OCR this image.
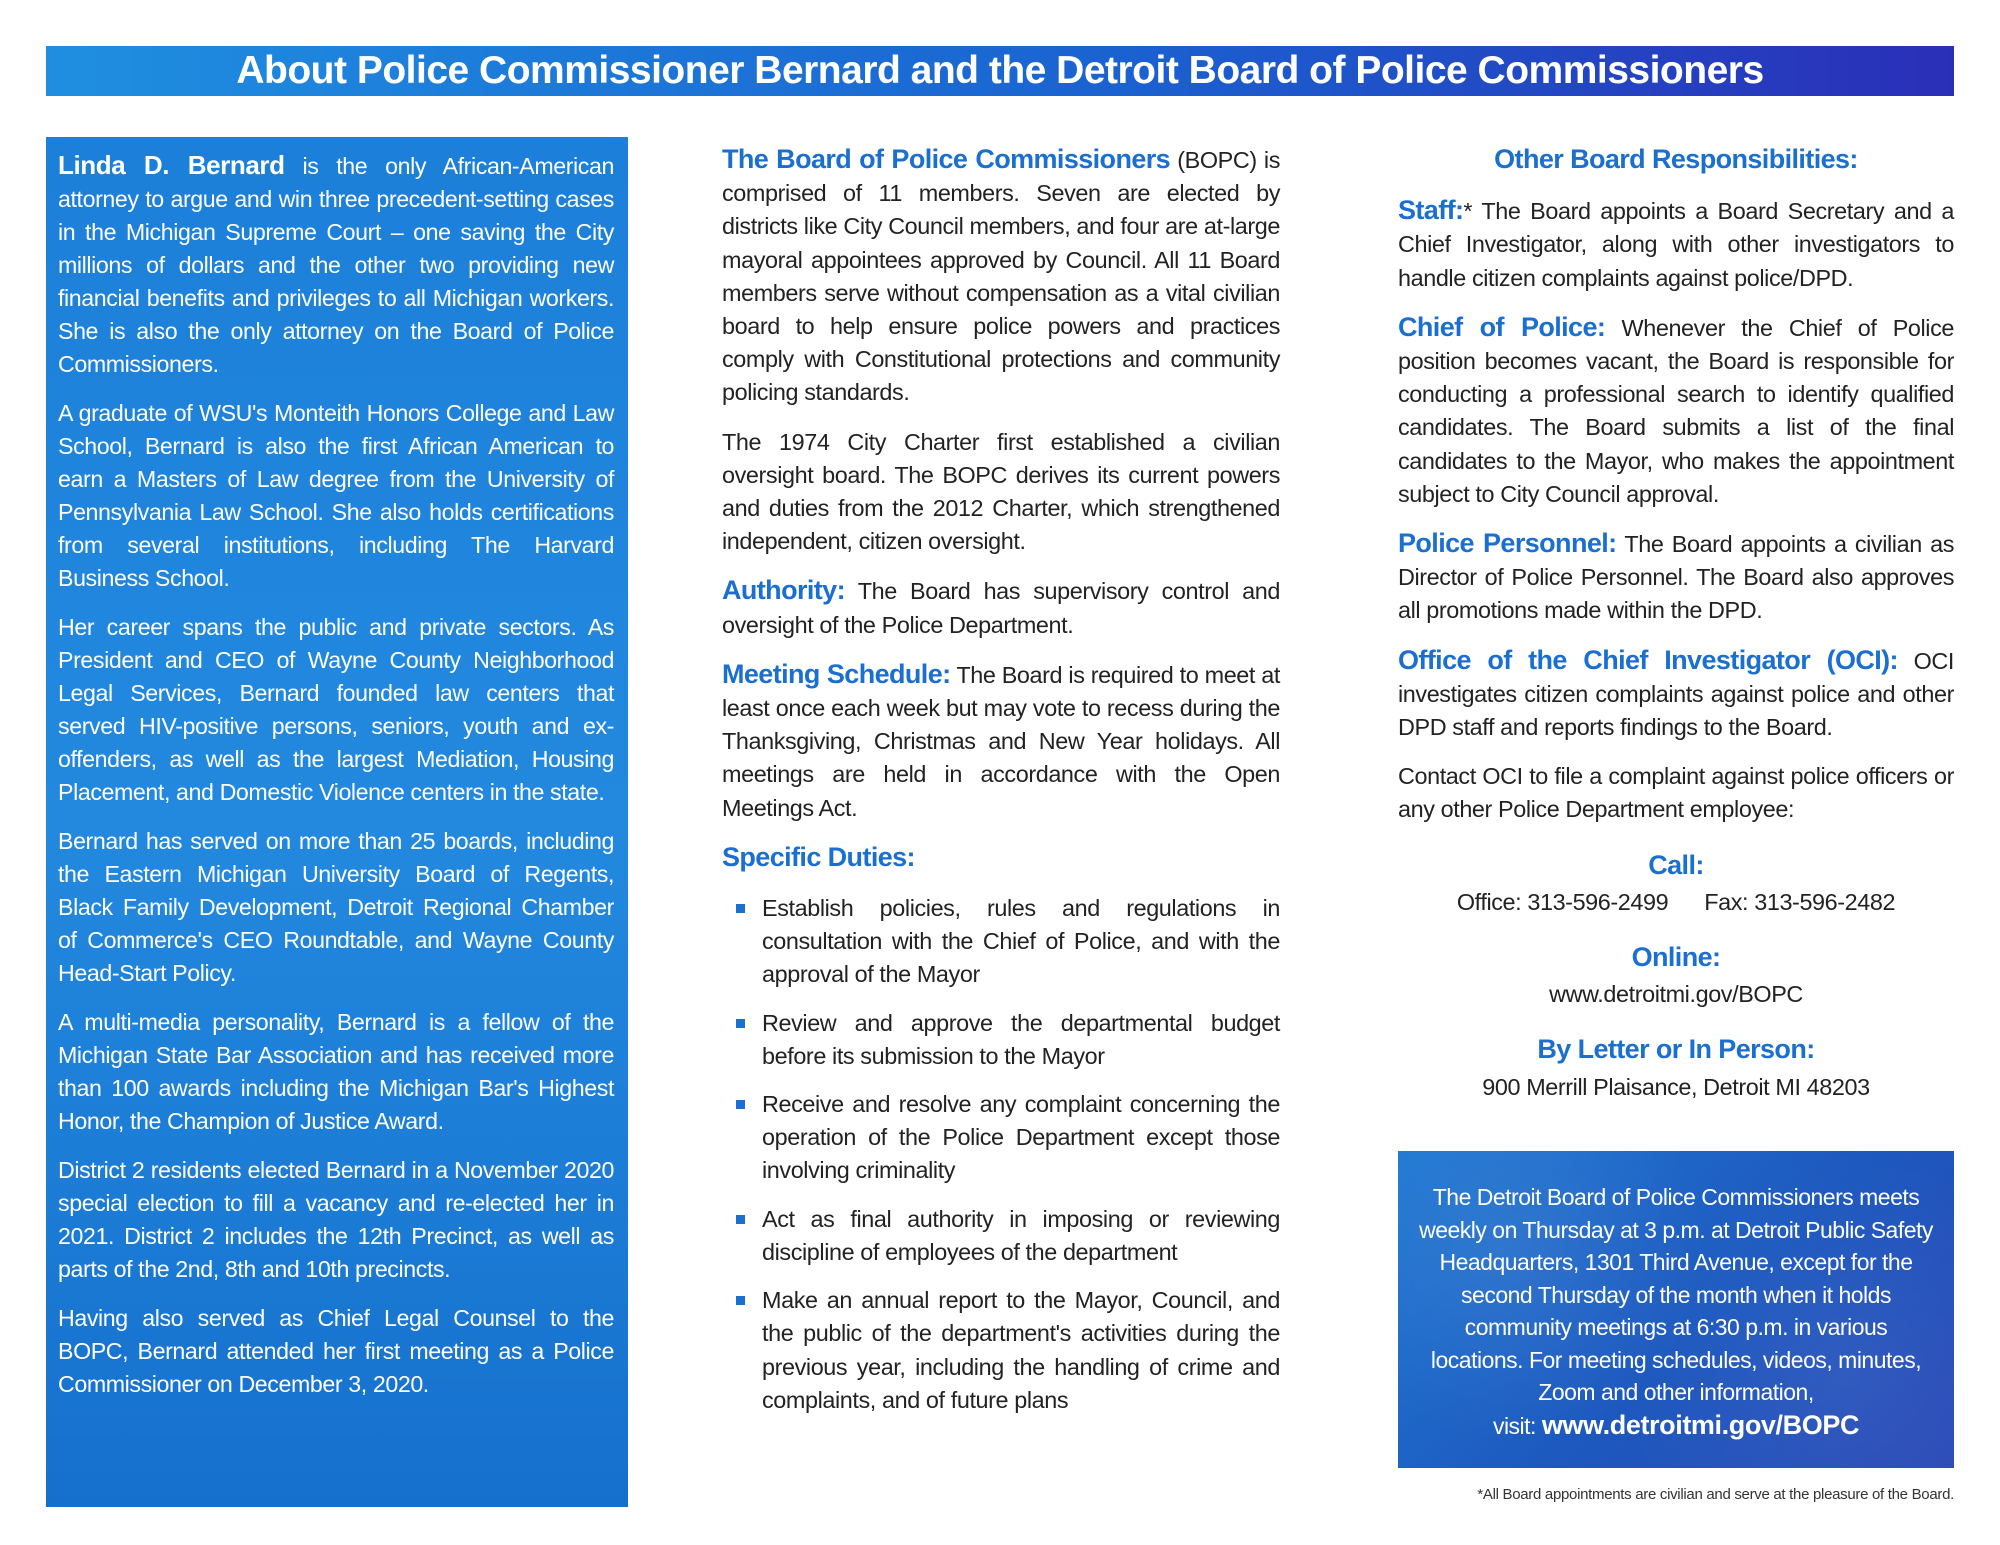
About Police Commissioner Bernard and the Detroit Board of Police Commissioners

Linda D. Bernard is the only African-American attorney to argue and win three precedent-setting cases in the Michigan Supreme Court – one saving the City millions of dollars and the other two providing new financial benefits and privileges to all Michigan workers. She is also the only attorney on the Board of Police Commissioners.

A graduate of WSU's Monteith Honors College and Law School, Bernard is also the first African American to earn a Masters of Law degree from the University of Pennsylvania Law School. She also holds certifications from several institutions, including The Harvard Business School.

Her career spans the public and private sectors. As President and CEO of Wayne County Neighborhood Legal Services, Bernard founded law centers that served HIV-positive persons, seniors, youth and ex-offenders, as well as the largest Mediation, Housing Placement, and Domestic Violence centers in the state.

Bernard has served on more than 25 boards, including the Eastern Michigan University Board of Regents, Black Family Development, Detroit Regional Chamber of Commerce's CEO Roundtable, and Wayne County Head-Start Policy.

A multi-media personality, Bernard is a fellow of the Michigan State Bar Association and has received more than 100 awards including the Michigan Bar's Highest Honor, the Champion of Justice Award.

District 2 residents elected Bernard in a November 2020 special election to fill a vacancy and re-elected her in 2021. District 2 includes the 12th Precinct, as well as parts of the 2nd, 8th and 10th precincts.

Having also served as Chief Legal Counsel to the BOPC, Bernard attended her first meeting as a Police Commissioner on December 3, 2020.

The Board of Police Commissioners (BOPC) is comprised of 11 members. Seven are elected by districts like City Council members, and four are at-large mayoral appointees approved by Council. All 11 Board members serve without compensation as a vital civilian board to help ensure police powers and practices comply with Constitutional protections and community policing standards.

The 1974 City Charter first established a civilian oversight board. The BOPC derives its current powers and duties from the 2012 Charter, which strengthened independent, citizen oversight.

Authority: The Board has supervisory control and oversight of the Police Department.

Meeting Schedule: The Board is required to meet at least once each week but may vote to recess during the Thanksgiving, Christmas and New Year holidays. All meetings are held in accordance with the Open Meetings Act.

Specific Duties:
Establish policies, rules and regulations in consultation with the Chief of Police, and with the approval of the Mayor
Review and approve the departmental budget before its submission to the Mayor
Receive and resolve any complaint concerning the operation of the Police Department except those involving criminality
Act as final authority in imposing or reviewing discipline of employees of the department
Make an annual report to the Mayor, Council, and the public of the department's activities during the previous year, including the handling of crime and complaints, and of future plans
Other Board Responsibilities:

Staff:* The Board appoints a Board Secretary and a Chief Investigator, along with other investigators to handle citizen complaints against police/DPD.

Chief of Police: Whenever the Chief of Police position becomes vacant, the Board is responsible for conducting a professional search to identify qualified candidates. The Board submits a list of the final candidates to the Mayor, who makes the appointment subject to City Council approval.

Police Personnel: The Board appoints a civilian as Director of Police Personnel. The Board also approves all promotions made within the DPD.

Office of the Chief Investigator (OCI): OCI investigates citizen complaints against police and other DPD staff and reports findings to the Board.

Contact OCI to file a complaint against police officers or any other Police Department employee:

Call:
Office: 313-596-2499 Fax: 313-596-2482
Online:
www.detroitmi.gov/BOPC
By Letter or In Person:
900 Merrill Plaisance, Detroit MI 48203
The Detroit Board of Police Commissioners meets weekly on Thursday at 3 p.m. at Detroit Public Safety Headquarters, 1301 Third Avenue, except for the second Thursday of the month when it holds community meetings at 6:30 p.m. in various locations. For meeting schedules, videos, minutes, Zoom and other information,
visit: www.detroitmi.gov/BOPC
*All Board appointments are civilian and serve at the pleasure of the Board.
